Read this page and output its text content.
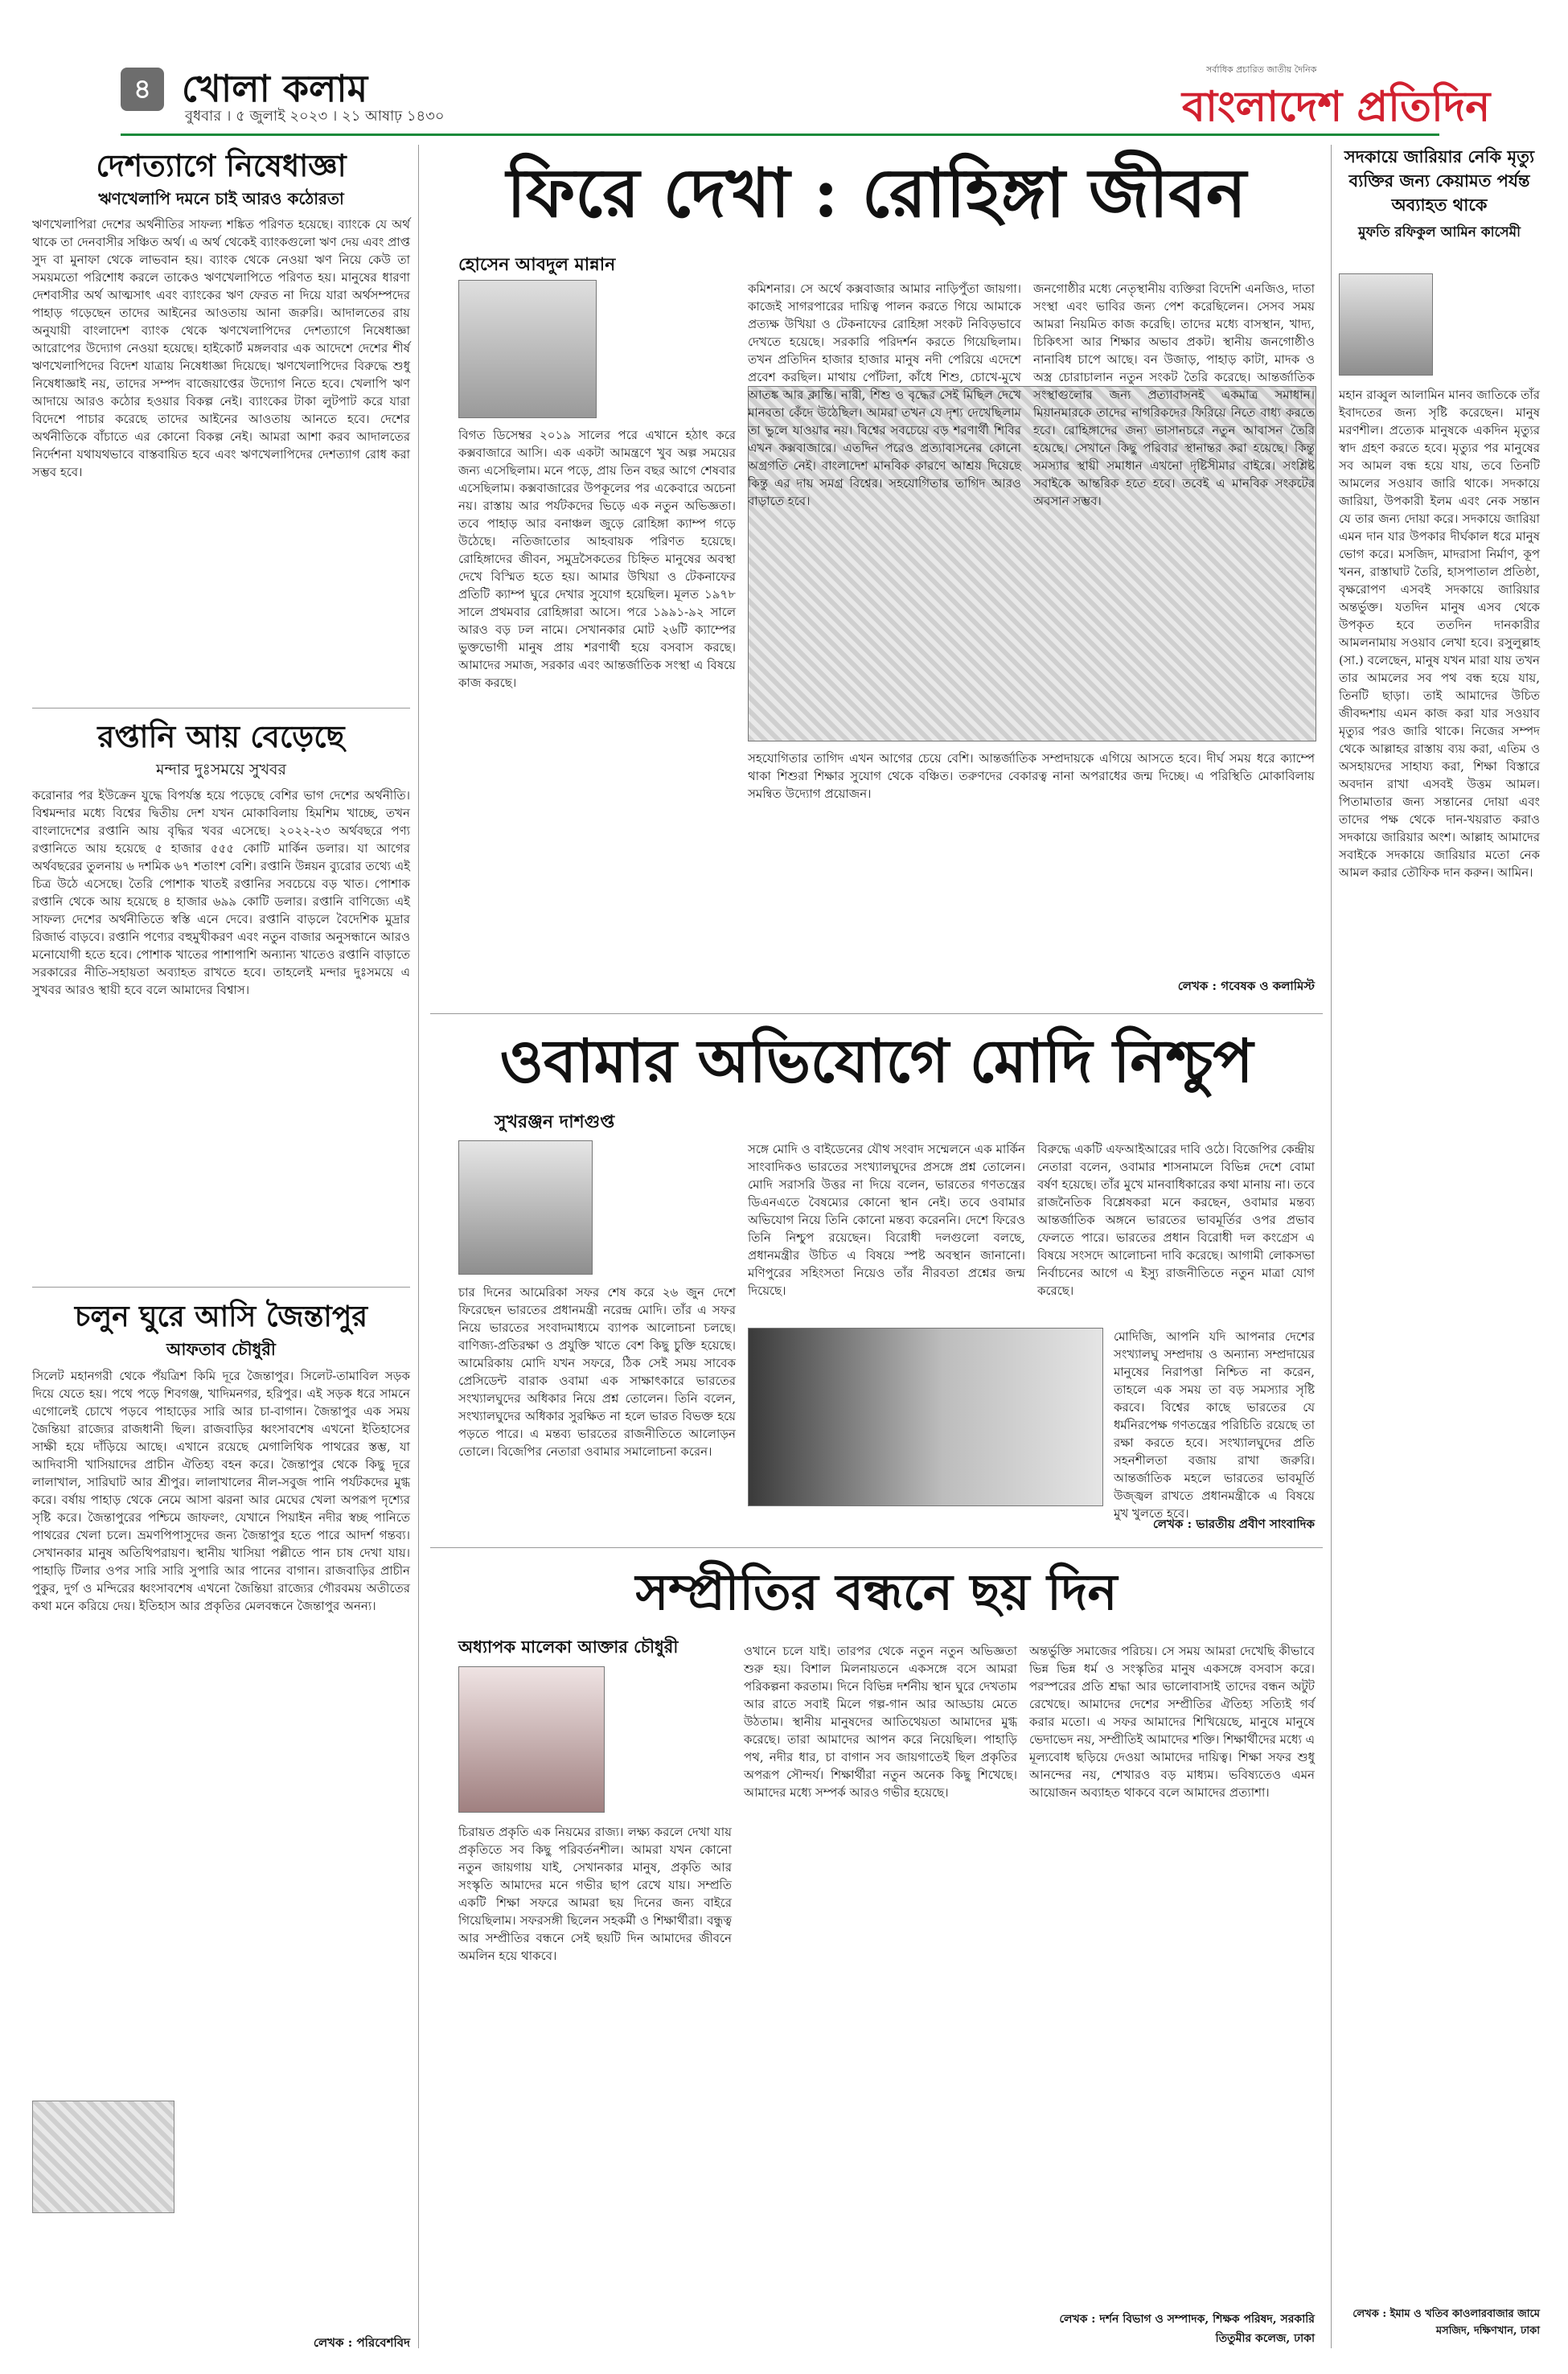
৪ খোলা কলাম
বুধবার । ৫ জুলাই ২০২৩ । ২১ আষাঢ় ১৪৩০
সর্বাধিক প্রচারিত জাতীয় দৈনিক
বাংলাদেশ প্রতিদিন
দেশত্যাগে নিষেধাজ্ঞা
ঋণখেলাপি দমনে চাই আরও কঠোরতা
ঋণখেলাপিরা দেশের অর্থনীতির সাফল্য শঙ্কিত পরিণত হয়েছে। ব্যাংকে যে অর্থ থাকে তা দেনবাসীর সঞ্চিত অর্থ। এ অর্থ থেকেই ব্যাংকগুলো ঋণ দেয় এবং প্রাপ্ত সুদ বা মুনাফা থেকে লাভবান হয়। ব্যাংক থেকে নেওয়া ঋণ নিয়ে কেউ তা সময়মতো পরিশোধ করলে তাকেও ঋণখেলাপিতে পরিণত হয়। মানুষের ধারণা দেশবাসীর অর্থ আত্মসাৎ এবং ব্যাংকের ঋণ ফেরত না দিয়ে যারা অর্থসম্পদের পাহাড় গড়েছেন তাদের আইনের আওতায় আনা জরুরি। আদালতের রায় অনুযায়ী বাংলাদেশ ব্যাংক থেকে ঋণখেলাপিদের দেশত্যাগে নিষেধাজ্ঞা আরোপের উদ্যোগ নেওয়া হয়েছে। হাইকোর্ট মঙ্গলবার এক আদেশে দেশের শীর্ষ ঋণখেলাপিদের বিদেশ যাত্রায় নিষেধাজ্ঞা দিয়েছে। ঋণখেলাপিদের বিরুদ্ধে শুধু নিষেধাজ্ঞাই নয়, তাদের সম্পদ বাজেয়াপ্তের উদ্যোগ নিতে হবে। খেলাপি ঋণ আদায়ে আরও কঠোর হওয়ার বিকল্প নেই। ব্যাংকের টাকা লুটপাট করে যারা বিদেশে পাচার করেছে তাদের আইনের আওতায় আনতে হবে। দেশের অর্থনীতিকে বাঁচাতে এর কোনো বিকল্প নেই। আমরা আশা করব আদালতের নির্দেশনা যথাযথভাবে বাস্তবায়িত হবে এবং ঋণখেলাপিদের দেশত্যাগ রোধ করা সম্ভব হবে।
রপ্তানি আয় বেড়েছে
মন্দার দুঃসময়ে সুখবর
করোনার পর ইউক্রেন যুদ্ধে বিপর্যস্ত হয়ে পড়েছে বেশির ভাগ দেশের অর্থনীতি। বিশ্বমন্দার মধ্যে বিশ্বের দ্বিতীয় দেশ যখন মোকাবিলায় হিমশিম খাচ্ছে, তখন বাংলাদেশের রপ্তানি আয় বৃদ্ধির খবর এসেছে। ২০২২-২৩ অর্থবছরে পণ্য রপ্তানিতে আয় হয়েছে ৫ হাজার ৫৫৫ কোটি মার্কিন ডলার। যা আগের অর্থবছরের তুলনায় ৬ দশমিক ৬৭ শতাংশ বেশি। রপ্তানি উন্নয়ন ব্যুরোর তথ্যে এই চিত্র উঠে এসেছে। তৈরি পোশাক খাতই রপ্তানির সবচেয়ে বড় খাত। পোশাক রপ্তানি থেকে আয় হয়েছে ৪ হাজার ৬৯৯ কোটি ডলার। রপ্তানি বাণিজ্যে এই সাফল্য দেশের অর্থনীতিতে স্বস্তি এনে দেবে। রপ্তানি বাড়লে বৈদেশিক মুদ্রার রিজার্ভ বাড়বে। রপ্তানি পণ্যের বহুমুখীকরণ এবং নতুন বাজার অনুসন্ধানে আরও মনোযোগী হতে হবে। পোশাক খাতের পাশাপাশি অন্যান্য খাতেও রপ্তানি বাড়াতে সরকারের নীতি-সহায়তা অব্যাহত রাখতে হবে। তাহলেই মন্দার দুঃসময়ে এ সুখবর আরও স্থায়ী হবে বলে আমাদের বিশ্বাস।
চলুন ঘুরে আসি জৈন্তাপুর
আফতাব চৌধুরী
সিলেট মহানগরী থেকে পঁয়ত্রিশ কিমি দূরে জৈন্তাপুর। সিলেট-তামাবিল সড়ক দিয়ে যেতে হয়। পথে পড়ে শিবগঞ্জ, খাদিমনগর, হরিপুর। এই সড়ক ধরে সামনে এগোলেই চোখে পড়বে পাহাড়ের সারি আর চা-বাগান। জৈন্তাপুর এক সময় জৈন্তিয়া রাজ্যের রাজধানী ছিল। রাজবাড়ির ধ্বংসাবশেষ এখনো ইতিহাসের সাক্ষী হয়ে দাঁড়িয়ে আছে। এখানে রয়েছে মেগালিথিক পাথরের স্তম্ভ, যা আদিবাসী খাসিয়াদের প্রাচীন ঐতিহ্য বহন করে। জৈন্তাপুর থেকে কিছু দূরে লালাখাল, সারিঘাট আর শ্রীপুর। লালাখালের নীল-সবুজ পানি পর্যটকদের মুগ্ধ করে। বর্ষায় পাহাড় থেকে নেমে আসা ঝরনা আর মেঘের খেলা অপরূপ দৃশ্যের সৃষ্টি করে। জৈন্তাপুরের পশ্চিমে জাফলং, যেখানে পিয়াইন নদীর স্বচ্ছ পানিতে পাথরের খেলা চলে। ভ্রমণপিপাসুদের জন্য জৈন্তাপুর হতে পারে আদর্শ গন্তব্য। সেখানকার মানুষ অতিথিপরায়ণ। স্থানীয় খাসিয়া পল্লীতে পান চাষ দেখা যায়। পাহাড়ি টিলার ওপর সারি সারি সুপারি আর পানের বাগান। রাজবাড়ির প্রাচীন পুকুর, দুর্গ ও মন্দিরের ধ্বংসাবশেষ এখনো জৈন্তিয়া রাজ্যের গৌরবময় অতীতের কথা মনে করিয়ে দেয়। ইতিহাস আর প্রকৃতির মেলবন্ধনে জৈন্তাপুর অনন্য।
লেখক : পরিবেশবিদ
ফিরে দেখা : রোহিঙ্গা জীবন
হোসেন আবদুল মান্নান
বিগত ডিসেম্বর ২০১৯ সালের পরে এখানে হঠাৎ করে কক্সবাজারে আসি। এক একটা আমন্ত্রণে খুব অল্প সময়ের জন্য এসেছিলাম। মনে পড়ে, প্রায় তিন বছর আগে শেষবার এসেছিলাম। কক্সবাজারের উপকূলের পর একেবারে অচেনা নয়। রাস্তায় আর পর্যটকদের ভিড়ে এক নতুন অভিজ্ঞতা। তবে পাহাড় আর বনাঞ্চল জুড়ে রোহিঙ্গা ক্যাম্প গড়ে উঠেছে। নতিজাতোর আহবায়ক পরিণত হয়েছে। রোহিঙ্গাদের জীবন, সমুদ্রসৈকতের চিহ্নিত মানুষের অবস্থা দেখে বিস্মিত হতে হয়। আমার উখিয়া ও টেকনাফের প্রতিটি ক্যাম্প ঘুরে দেখার সুযোগ হয়েছিল। মূলত ১৯৭৮ সালে প্রথমবার রোহিঙ্গারা আসে। পরে ১৯৯১-৯২ সালে আরও বড় ঢল নামে। সেখানকার মোট ২৬টি ক্যাম্পের ভুক্তভোগী মানুষ প্রায় শরণার্থী হয়ে বসবাস করছে। আমাদের সমাজ, সরকার এবং আন্তর্জাতিক সংস্থা এ বিষয়ে কাজ করছে।
কমিশনার। সে অর্থে কক্সবাজার আমার নাড়িপুঁতা জায়গা। কাজেই সাগরপারের দায়িত্ব পালন করতে গিয়ে আমাকে প্রত্যক্ষ উখিয়া ও টেকনাফের রোহিঙ্গা সংকট নিবিড়ভাবে দেখতে হয়েছে। সরকারি পরিদর্শন করতে গিয়েছিলাম। তখন প্রতিদিন হাজার হাজার মানুষ নদী পেরিয়ে এদেশে প্রবেশ করছিল। মাথায় পোঁটলা, কাঁধে শিশু, চোখে-মুখে আতঙ্ক আর ক্লান্তি। নারী, শিশু ও বৃদ্ধের সেই মিছিল দেখে মানবতা কেঁদে উঠেছিল। আমরা তখন যে দৃশ্য দেখেছিলাম তা ভুলে যাওয়ার নয়। বিশ্বের সবচেয়ে বড় শরণার্থী শিবির এখন কক্সবাজারে। এতদিন পরেও প্রত্যাবাসনের কোনো অগ্রগতি নেই। বাংলাদেশ মানবিক কারণে আশ্রয় দিয়েছে কিন্তু এর দায় সমগ্র বিশ্বের। সহযোগিতার তাগিদ আরও বাড়াতে হবে।
জনগোষ্ঠীর মধ্যে নেতৃস্থানীয় ব্যক্তিরা বিদেশি এনজিও, দাতা সংস্থা এবং ভাবির জন্য পেশ করেছিলেন। সেসব সময় আমরা নিয়মিত কাজ করেছি। তাদের মধ্যে বাসস্থান, খাদ্য, চিকিৎসা আর শিক্ষার অভাব প্রকট। স্থানীয় জনগোষ্ঠীও নানাবিধ চাপে আছে। বন উজাড়, পাহাড় কাটা, মাদক ও অস্ত্র চোরাচালান নতুন সংকট তৈরি করেছে। আন্তর্জাতিক সংস্থাগুলোর জন্য প্রত্যাবাসনই একমাত্র সমাধান। মিয়ানমারকে তাদের নাগরিকদের ফিরিয়ে নিতে বাধ্য করতে হবে। রোহিঙ্গাদের জন্য ভাসানচরে নতুন আবাসন তৈরি হয়েছে। সেখানে কিছু পরিবার স্থানান্তর করা হয়েছে। কিন্তু সমস্যার স্থায়ী সমাধান এখনো দৃষ্টিসীমার বাইরে। সংশ্লিষ্ট সবাইকে আন্তরিক হতে হবে। তবেই এ মানবিক সংকটের অবসান সম্ভব।
সহযোগিতার তাগিদ এখন আগের চেয়ে বেশি। আন্তর্জাতিক সম্প্রদায়কে এগিয়ে আসতে হবে। দীর্ঘ সময় ধরে ক্যাম্পে থাকা শিশুরা শিক্ষার সুযোগ থেকে বঞ্চিত। তরুণদের বেকারত্ব নানা অপরাধের জন্ম দিচ্ছে। এ পরিস্থিতি মোকাবিলায় সমন্বিত উদ্যোগ প্রয়োজন।
লেখক : গবেষক ও কলামিস্ট
ওবামার অভিযোগে মোদি নিশ্চুপ
সুখরঞ্জন দাশগুপ্ত
চার দিনের আমেরিকা সফর শেষ করে ২৬ জুন দেশে ফিরেছেন ভারতের প্রধানমন্ত্রী নরেন্দ্র মোদি। তাঁর এ সফর নিয়ে ভারতের সংবাদমাধ্যমে ব্যাপক আলোচনা চলছে। বাণিজ্য-প্রতিরক্ষা ও প্রযুক্তি খাতে বেশ কিছু চুক্তি হয়েছে। আমেরিকায় মোদি যখন সফরে, ঠিক সেই সময় সাবেক প্রেসিডেন্ট বারাক ওবামা এক সাক্ষাৎকারে ভারতের সংখ্যালঘুদের অধিকার নিয়ে প্রশ্ন তোলেন। তিনি বলেন, সংখ্যালঘুদের অধিকার সুরক্ষিত না হলে ভারত বিভক্ত হয়ে পড়তে পারে। এ মন্তব্য ভারতের রাজনীতিতে আলোড়ন তোলে। বিজেপির নেতারা ওবামার সমালোচনা করেন।
সঙ্গে মোদি ও বাইডেনের যৌথ সংবাদ সম্মেলনে এক মার্কিন সাংবাদিকও ভারতের সংখ্যালঘুদের প্রসঙ্গে প্রশ্ন তোলেন। মোদি সরাসরি উত্তর না দিয়ে বলেন, ভারতের গণতন্ত্রের ডিএনএতে বৈষম্যের কোনো স্থান নেই। তবে ওবামার অভিযোগ নিয়ে তিনি কোনো মন্তব্য করেননি। দেশে ফিরেও তিনি নিশ্চুপ রয়েছেন। বিরোধী দলগুলো বলছে, প্রধানমন্ত্রীর উচিত এ বিষয়ে স্পষ্ট অবস্থান জানানো। মণিপুরের সহিংসতা নিয়েও তাঁর নীরবতা প্রশ্নের জন্ম দিয়েছে।
বিরুদ্ধে একটি এফআইআরের দাবি ওঠে। বিজেপির কেন্দ্রীয় নেতারা বলেন, ওবামার শাসনামলে বিভিন্ন দেশে বোমা বর্ষণ হয়েছে। তাঁর মুখে মানবাধিকারের কথা মানায় না। তবে রাজনৈতিক বিশ্লেষকরা মনে করছেন, ওবামার মন্তব্য আন্তর্জাতিক অঙ্গনে ভারতের ভাবমূর্তির ওপর প্রভাব ফেলতে পারে। ভারতের প্রধান বিরোধী দল কংগ্রেস এ বিষয়ে সংসদে আলোচনা দাবি করেছে। আগামী লোকসভা নির্বাচনের আগে এ ইস্যু রাজনীতিতে নতুন মাত্রা যোগ করেছে।
মোদিজি, আপনি যদি আপনার দেশের সংখ্যালঘু সম্প্রদায় ও অন্যান্য সম্প্রদায়ের মানুষের নিরাপত্তা নিশ্চিত না করেন, তাহলে এক সময় তা বড় সমস্যার সৃষ্টি করবে। বিশ্বের কাছে ভারতের যে ধর্মনিরপেক্ষ গণতন্ত্রের পরিচিতি রয়েছে তা রক্ষা করতে হবে। সংখ্যালঘুদের প্রতি সহনশীলতা বজায় রাখা জরুরি। আন্তর্জাতিক মহলে ভারতের ভাবমূর্তি উজ্জ্বল রাখতে প্রধানমন্ত্রীকে এ বিষয়ে মুখ খুলতে হবে।
লেখক : ভারতীয় প্রবীণ সাংবাদিক
সম্প্রীতির বন্ধনে ছয় দিন
অধ্যাপক মালেকা আক্তার চৌধুরী
চিরায়ত প্রকৃতি এক নিয়মের রাজ্য। লক্ষ্য করলে দেখা যায় প্রকৃতিতে সব কিছু পরিবর্তনশীল। আমরা যখন কোনো নতুন জায়গায় যাই, সেখানকার মানুষ, প্রকৃতি আর সংস্কৃতি আমাদের মনে গভীর ছাপ রেখে যায়। সম্প্রতি একটি শিক্ষা সফরে আমরা ছয় দিনের জন্য বাইরে গিয়েছিলাম। সফরসঙ্গী ছিলেন সহকর্মী ও শিক্ষার্থীরা। বন্ধুত্ব আর সম্প্রীতির বন্ধনে সেই ছয়টি দিন আমাদের জীবনে অমলিন হয়ে থাকবে।
ওখানে চলে যাই। তারপর থেকে নতুন নতুন অভিজ্ঞতা শুরু হয়। বিশাল মিলনায়তনে একসঙ্গে বসে আমরা পরিকল্পনা করতাম। দিনে বিভিন্ন দর্শনীয় স্থান ঘুরে দেখতাম আর রাতে সবাই মিলে গল্প-গান আর আড্ডায় মেতে উঠতাম। স্থানীয় মানুষদের আতিথেয়তা আমাদের মুগ্ধ করেছে। তারা আমাদের আপন করে নিয়েছিল। পাহাড়ি পথ, নদীর ধার, চা বাগান সব জায়গাতেই ছিল প্রকৃতির অপরূপ সৌন্দর্য। শিক্ষার্থীরা নতুন অনেক কিছু শিখেছে। আমাদের মধ্যে সম্পর্ক আরও গভীর হয়েছে।
অন্তর্ভুক্তি সমাজের পরিচয়। সে সময় আমরা দেখেছি কীভাবে ভিন্ন ভিন্ন ধর্ম ও সংস্কৃতির মানুষ একসঙ্গে বসবাস করে। পরস্পরের প্রতি শ্রদ্ধা আর ভালোবাসাই তাদের বন্ধন অটুট রেখেছে। আমাদের দেশের সম্প্রীতির ঐতিহ্য সত্যিই গর্ব করার মতো। এ সফর আমাদের শিখিয়েছে, মানুষে মানুষে ভেদাভেদ নয়, সম্প্রীতিই আমাদের শক্তি। শিক্ষার্থীদের মধ্যে এ মূল্যবোধ ছড়িয়ে দেওয়া আমাদের দায়িত্ব। শিক্ষা সফর শুধু আনন্দের নয়, শেখারও বড় মাধ্যম। ভবিষ্যতেও এমন আয়োজন অব্যাহত থাকবে বলে আমাদের প্রত্যাশা।
লেখক : দর্শন বিভাগ ও সম্পাদক, শিক্ষক পরিষদ, সরকারি তিতুমীর কলেজ, ঢাকা
সদকায়ে জারিয়ার নেকি মৃত্যু ব্যক্তির জন্য কেয়ামত পর্যন্ত অব্যাহত থাকে
মুফতি রফিকুল আমিন কাসেমী
মহান রাব্বুল আলামিন মানব জাতিকে তাঁর ইবাদতের জন্য সৃষ্টি করেছেন। মানুষ মরণশীল। প্রত্যেক মানুষকে একদিন মৃত্যুর স্বাদ গ্রহণ করতে হবে। মৃত্যুর পর মানুষের সব আমল বন্ধ হয়ে যায়, তবে তিনটি আমলের সওয়াব জারি থাকে। সদকায়ে জারিয়া, উপকারী ইলম এবং নেক সন্তান যে তার জন্য দোয়া করে। সদকায়ে জারিয়া এমন দান যার উপকার দীর্ঘকাল ধরে মানুষ ভোগ করে। মসজিদ, মাদরাসা নির্মাণ, কূপ খনন, রাস্তাঘাট তৈরি, হাসপাতাল প্রতিষ্ঠা, বৃক্ষরোপণ এসবই সদকায়ে জারিয়ার অন্তর্ভুক্ত। যতদিন মানুষ এসব থেকে উপকৃত হবে ততদিন দানকারীর আমলনামায় সওয়াব লেখা হবে। রসুলুল্লাহ (সা.) বলেছেন, মানুষ যখন মারা যায় তখন তার আমলের সব পথ বন্ধ হয়ে যায়, তিনটি ছাড়া। তাই আমাদের উচিত জীবদ্দশায় এমন কাজ করা যার সওয়াব মৃত্যুর পরও জারি থাকে। নিজের সম্পদ থেকে আল্লাহর রাস্তায় ব্যয় করা, এতিম ও অসহায়দের সাহায্য করা, শিক্ষা বিস্তারে অবদান রাখা এসবই উত্তম আমল। পিতামাতার জন্য সন্তানের দোয়া এবং তাদের পক্ষ থেকে দান-খয়রাত করাও সদকায়ে জারিয়ার অংশ। আল্লাহ আমাদের সবাইকে সদকায়ে জারিয়ার মতো নেক আমল করার তৌফিক দান করুন। আমিন।
লেখক : ইমাম ও খতিব কাওলারবাজার জামে মসজিদ, দক্ষিণখান, ঢাকা
